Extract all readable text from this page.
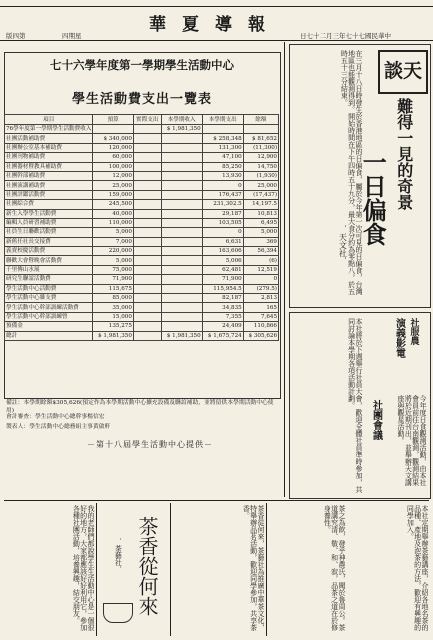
華夏導報
版四第	四期星	日七十二月三年七十七國民華中
七十六學年度第一學期學生活動中心
學生活動費支出一覽表
項目	預算	實際支出	本學期收入	本學期支出	餘額
76學年度第一學期學生活動費收入			$ 1,981,350		
社團活動補助費	$ 340,000			$ 258,348	$ 81,652
社團辦公室基本補助費	120,000			131,300	(11,300)
社團刊物補助費	60,000			47,100	12,900
社團器材暨教具補助費	100,000			85,250	14,750
社團幹部補助費	12,000			13,930	(1,930)
社團演講補助費	25,000			0	25,000
社團評鑑活動費	159,000			176,437	(17,437)
社團綜合費	245,500			231,302.5	14,197.5
新生入學學生活動費	40,000			29,187	10,813
編輯人員研習補助費	110,000			103,505	6,495
社員生日聯歡活動費	5,000			0	5,000
新舊任社長交接費	7,000			6,631	369
義賣校慶活動費	220,000			163,606	56,394
聯歡大會暨晚會活動費	5,000			5,006	(6)
千里傳山水展	75,000			62,481	12,519
研究生聯誼活動費	71,900			71,900	0
學生活動中心活動費	115,675			115,954.5	(279.5)
學生活動中心雜支費	85,000			82,187	2,813
學生活動中心幹部訓練活動費	35,000			34,835	165
學生活動中心幹部訓練營	15,000			7,355	7,645
預備金	135,275			24,409	110,866
總計	$ 1,981,350		$ 1,981,350	$ 1,675,724	$ 305,626
備註：本學期餘額$305,626(預定作為本學期活動中心擴充設備及聯誼補助，並將留供本學期活動中心使用)
會計審查：學生活動中心總幹事楊信宏
製表人：學生活動中心總務組主事黃啟軒
－第十八屆學生活動中心提供－
談天
難得一見的奇景
一日偏食
．天文社．	在三月十八日時發生於香港地區的日偏食，屬於今年第一次可見的日偏食，台灣地區也能觀測得到。開始時間在下午四時五十九分，最大食分約為零點八，於五時五十三分結束。
社服農
演義影電
社團會議
本社將於下週舉行社員大會，歡迎全體社員準時參加，共同討論本學期各項活動計劃。
今年度日食觀測活動，由本社會員前往台南觀測，觀測結果將於近期刊出，並舉辦天文講座與觀星活動。
我的老師們都說學生生活動中心是一個很好的地方，大家都應該好好利用它，參加各種社團活動，培養興趣，結交朋友。	茶香從何來
．茶藝社．	茶香從何來，茶藝社為推廣中華茶文化，特舉辦品茗活動，歡迎同學參加，共享茶香。	茶之為飲，發乎神農氏，聞於魯周公。茶道講究清、敬、和、寂，品茶之道在於修身養性。	本社定期舉辦茶藝講座，介紹各地名茶的品種、產地及泡茶的方法，歡迎有興趣的同學加入。
